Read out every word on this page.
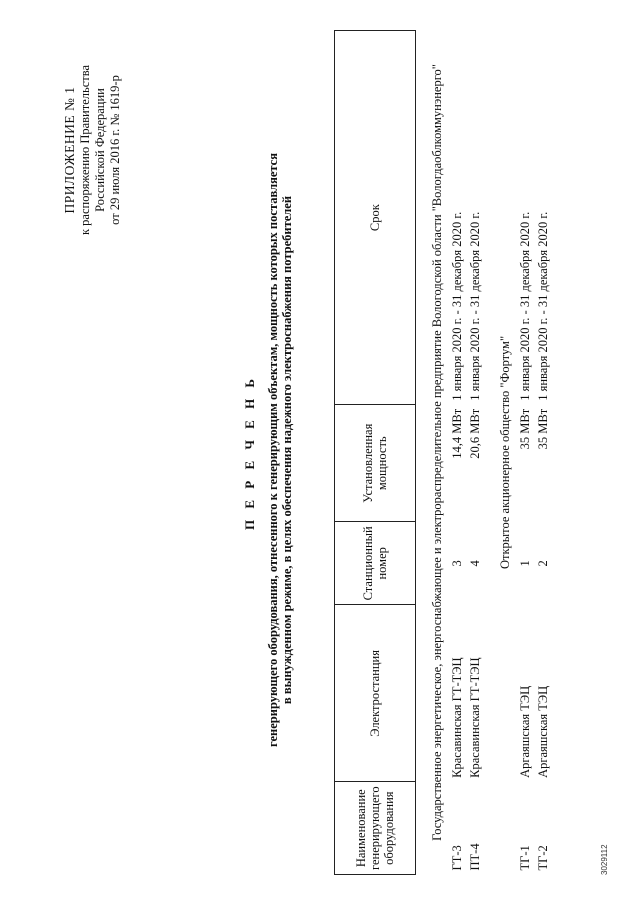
ПРИЛОЖЕНИЕ № 1 к распоряжению Правительства Российской Федерации от 29 июля 2016 г. № 1619-р
П Е Р Е Ч Е Н Ь генерирующего оборудования, отнесенного к генерирующим объектам, мощность которых поставляется в вынужденном режиме, в целях обеспечения надежного электроснабжения потребителей
Наименование генерирующего оборудования	Электростанция	Станционный номер	Установленная мощность	Срок
Государственное энергетическое, энергоснабжающее и электрораспределительное предприятие Вологодской области "Вологдаоблкоммунэнерго"				
ГТ-3	Красавинская ГТ-ТЭЦ	3	14,4 МВт	1 января 2020 г. - 31 декабря 2020 г.
ПТ-4	Красавинская ГТ-ТЭЦ	4	20,6 МВт	1 января 2020 г. - 31 декабря 2020 г.
Открытое акционерное общество "Фортум"				
ТГ-1	Аргаяшская ТЭЦ	1	35 МВт	1 января 2020 г. - 31 декабря 2020 г.
ТГ-2	Аргаяшская ТЭЦ	2	35 МВт	1 января 2020 г. - 31 декабря 2020 г.
3029112
